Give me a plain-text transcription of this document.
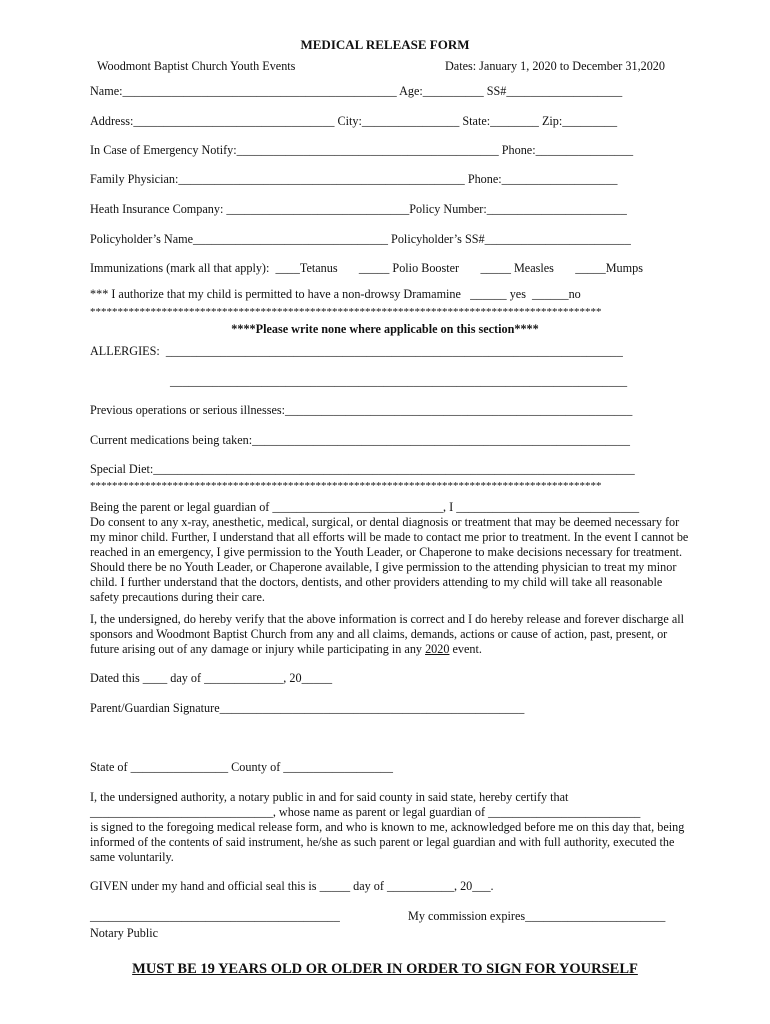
MEDICAL RELEASE FORM
Woodmont Baptist Church Youth Events	Dates: January 1, 2020 to December 31,2020
Name:_____________________________________________ Age:__________ SS#___________________
Address:_________________________________ City:________________ State:________ Zip:_________
In Case of Emergency Notify:___________________________________________ Phone:________________
Family Physician:_______________________________________________ Phone:___________________
Heath Insurance Company: ______________________________Policy Number:_______________________
Policyholder’s Name________________________________ Policyholder’s SS#________________________
Immunizations (mark all that apply):  ____Tetanus       _____ Polio Booster       _____ Measles       _____Mumps
*** I authorize that my child is permitted to have a non-drowsy Dramamine   ______ yes  ______no
*********************************************************************************************
****Please write none where applicable on this section****
ALLERGIES:  ___________________________________________________________________________
___________________________________________________________________________
Previous operations or serious illnesses:_________________________________________________________
Current medications being taken:______________________________________________________________
Special Diet:_______________________________________________________________________________
*********************************************************************************************
Being the parent or legal guardian of ____________________________, I ______________________________

Do consent to any x-ray, anesthetic, medical, surgical, or dental diagnosis or treatment that may be deemed necessary for my minor child. Further, I understand that all efforts will be made to contact me prior to treatment. In the event I cannot be reached in an emergency, I give permission to the Youth Leader, or Chaperone to make decisions necessary for treatment. Should there be no Youth Leader, or Chaperone available, I give permission to the attending physician to treat my minor child. I further understand that the doctors, dentists, and other providers attending to my child will take all reasonable safety precautions during their care.

I, the undersigned, do hereby verify that the above information is correct and I do hereby release and forever discharge all sponsors and Woodmont Baptist Church from any and all claims, demands, actions or cause of action, past, present, or future arising out of any damage or injury while participating in any 2020 event.

Dated this ____ day of _____________, 20_____
Parent/Guardian Signature__________________________________________________
State of ________________ County of __________________
I, the undersigned authority, a notary public in and for said county in said state, hereby certify that
______________________________, whose name as parent or legal guardian of _________________________

is signed to the foregoing medical release form, and who is known to me, acknowledged before me on this day that, being informed of the contents of said instrument, he/she as such parent or legal guardian and with full authority, executed the same voluntarily.

GIVEN under my hand and official seal this is _____ day of ___________, 20___.
_________________________________________	My commission expires_______________________
Notary Public
MUST BE 19 YEARS OLD OR OLDER IN ORDER TO SIGN FOR YOURSELF
